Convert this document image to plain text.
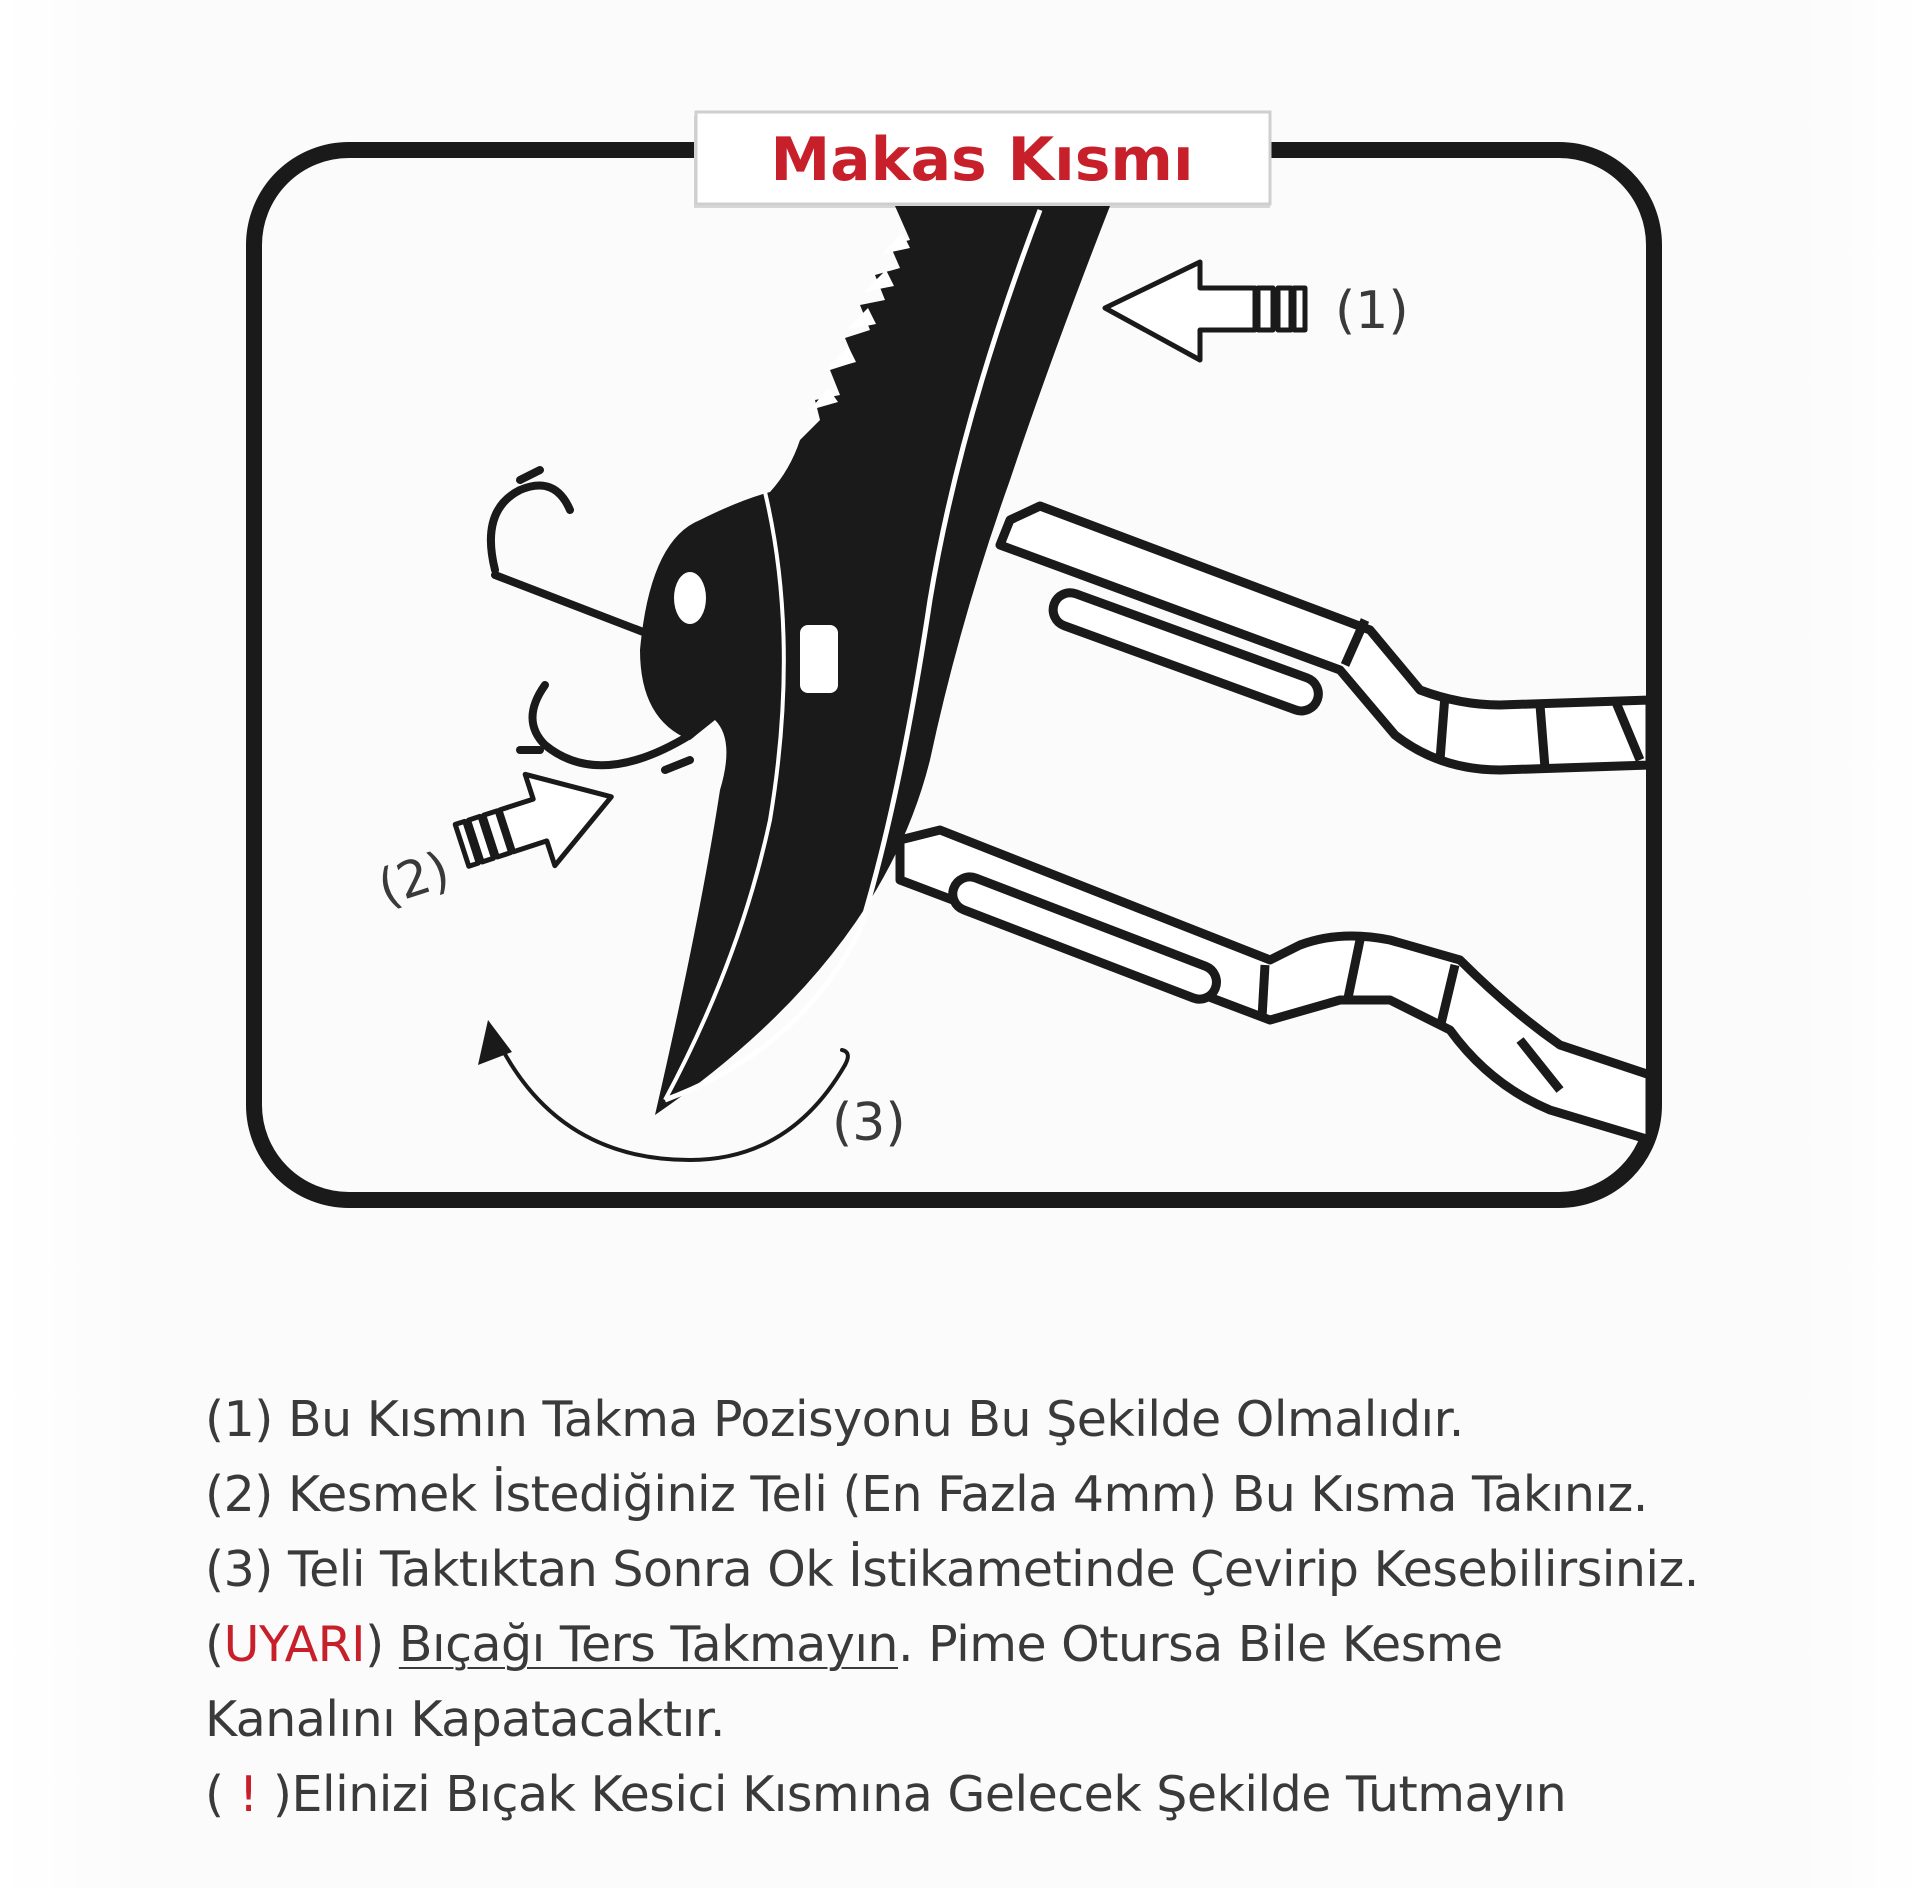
Makas Kısmı
(1)
(2)
(3)
(1) Bu Kısmın Takma Pozisyonu Bu Şekilde Olmalıdır.
(2) Kesmek İstediğiniz Teli (En Fazla 4mm) Bu Kısma Takınız.
(3) Teli Taktıktan Sonra Ok İstikametinde Çevirip Kesebilirsiniz.
(UYARI) Bıçağı Ters Takmayın. Pime Otursa Bile Kesme
Kanalını Kapatacaktır.
( ! )Elinizi Bıçak Kesici Kısmına Gelecek Şekilde Tutmayın
